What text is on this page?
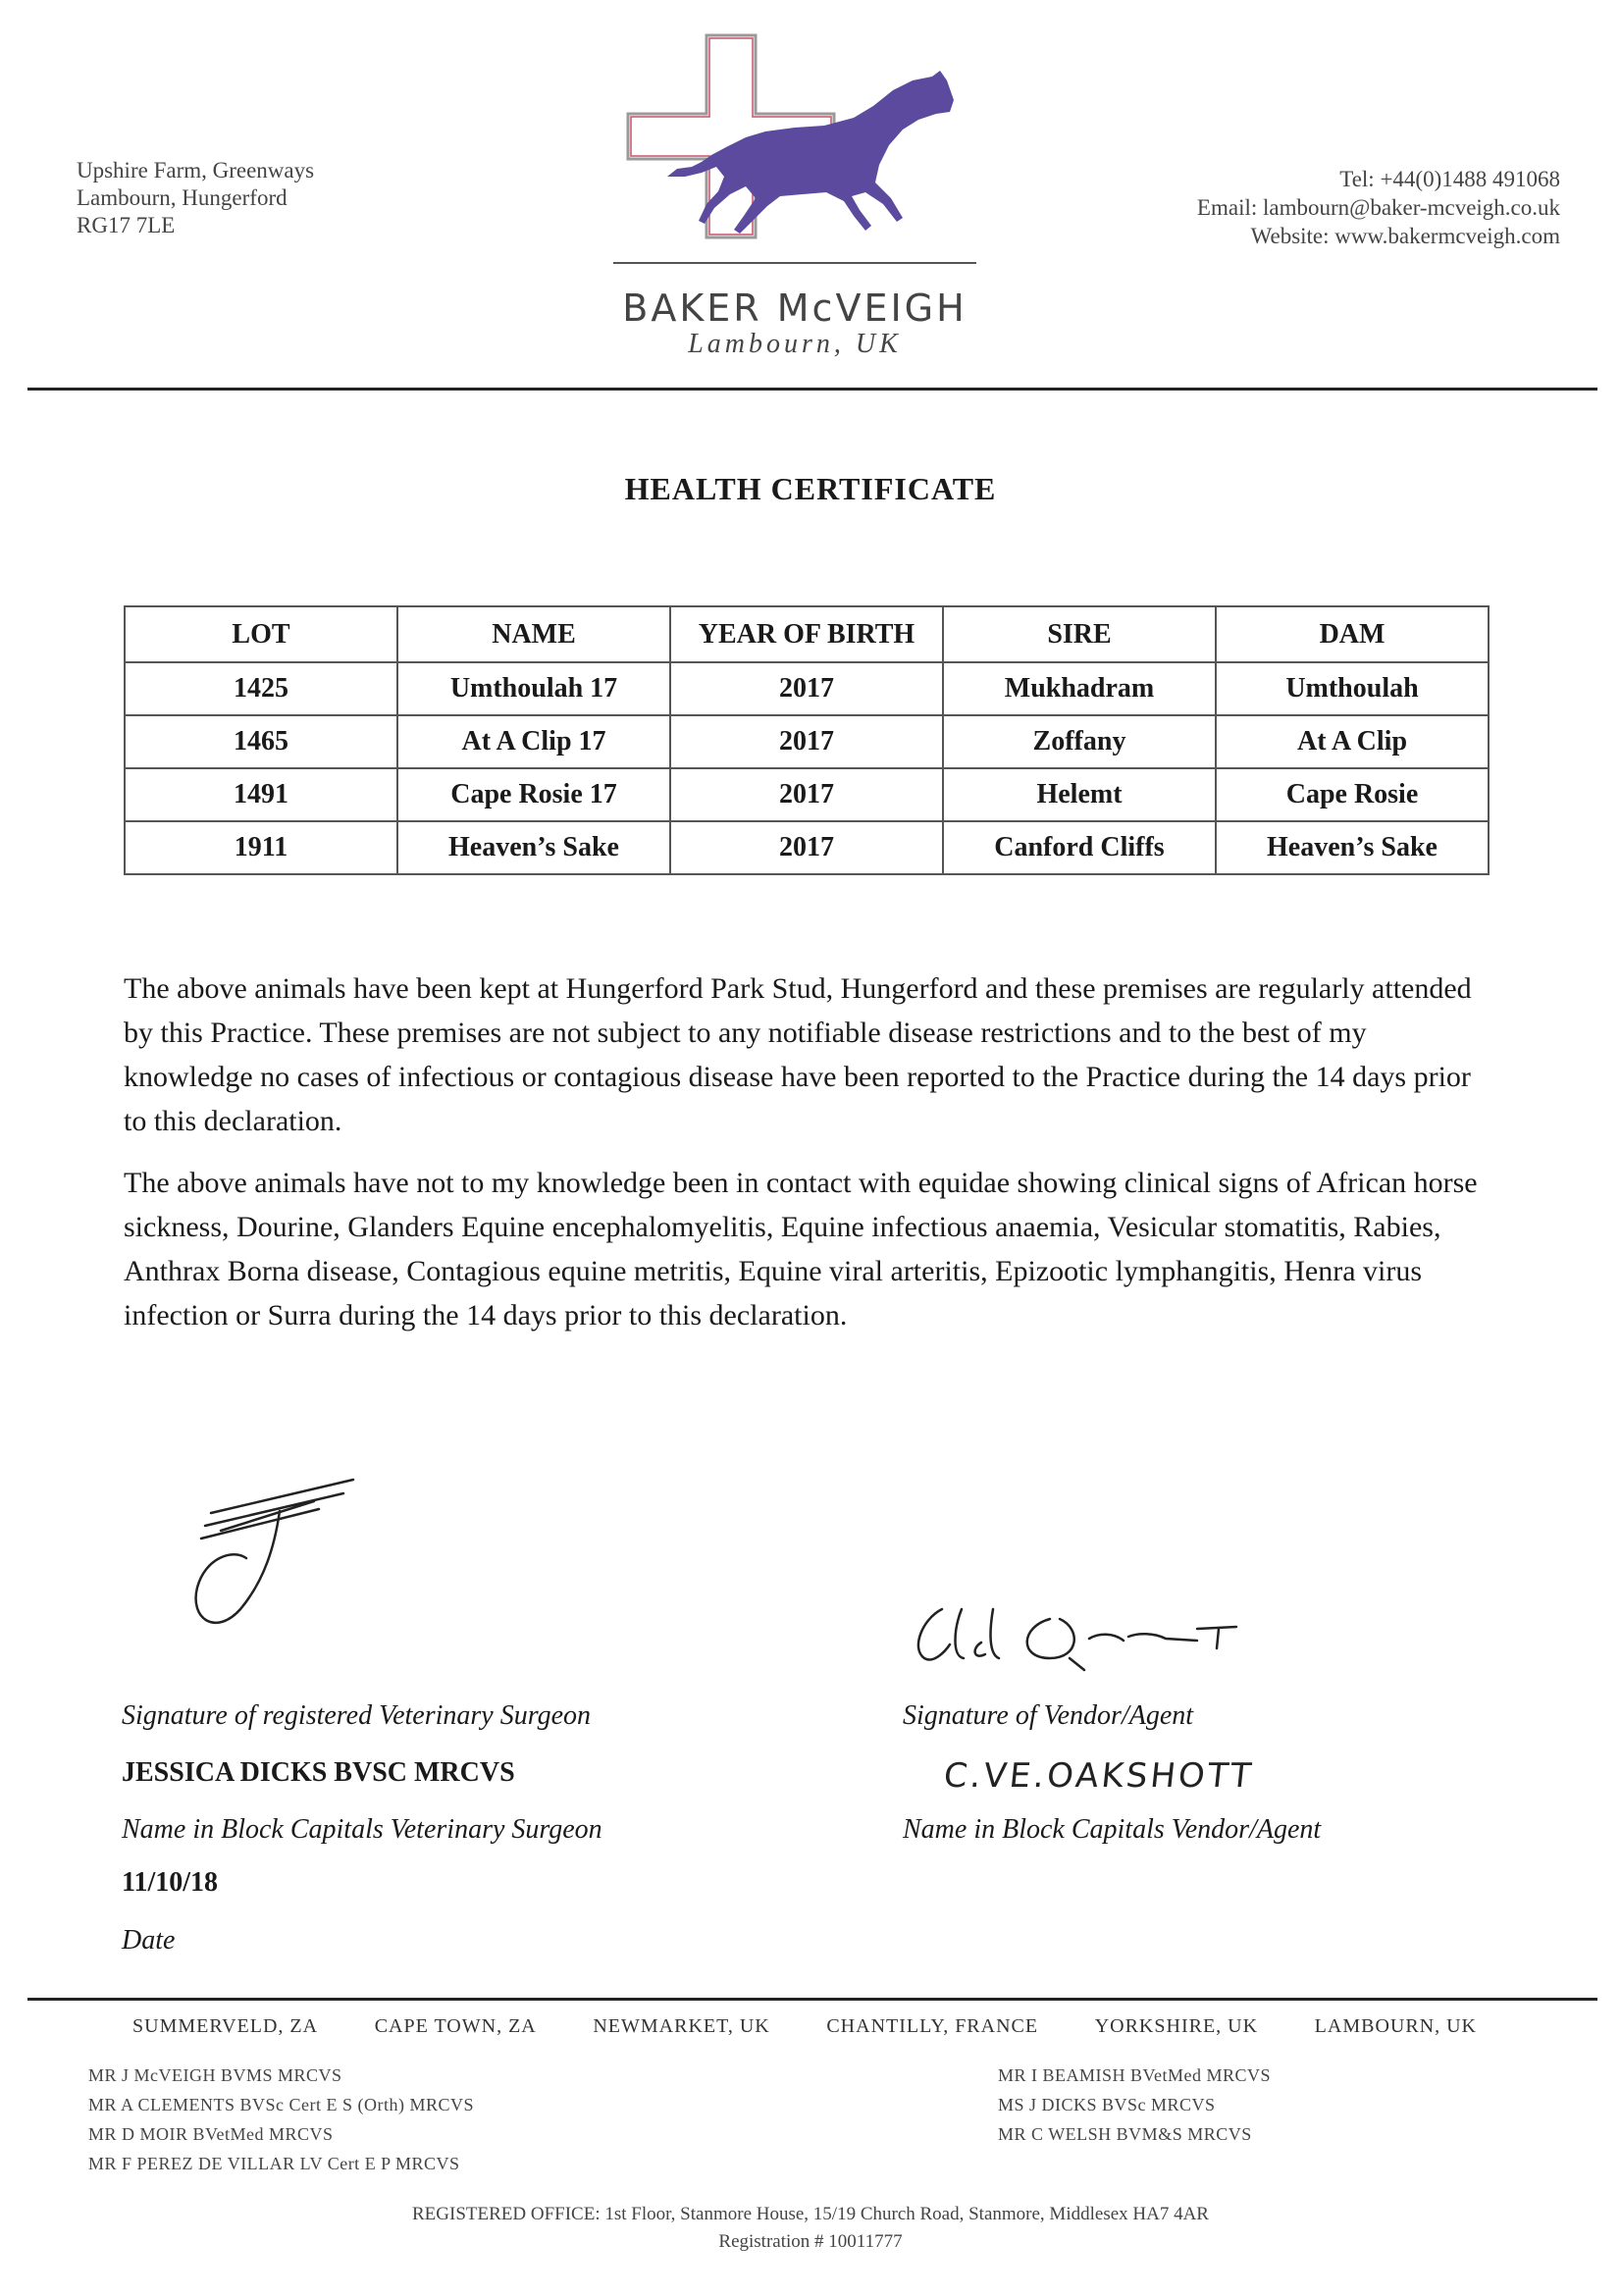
Upshire Farm, Greenways
Lambourn, Hungerford
RG17 7LE
BAKER McVEIGH
Lambourn, UK
Tel: +44(0)1488 491068
Email: lambourn@baker-mcveigh.co.uk
Website: www.bakermcveigh.com
HEALTH CERTIFICATE
LOT	NAME	YEAR OF BIRTH	SIRE	DAM
1425	Umthoulah 17	2017	Mukhadram	Umthoulah
1465	At A Clip 17	2017	Zoffany	At A Clip
1491	Cape Rosie 17	2017	Helemt	Cape Rosie
1911	Heaven’s Sake	2017	Canford Cliffs	Heaven’s Sake
The above animals have been kept at Hungerford Park Stud, Hungerford and these premises are regularly attended by this Practice. These premises are not subject to any notifiable disease restrictions and to the best of my knowledge no cases of infectious or contagious disease have been reported to the Practice during the 14 days prior to this declaration.
The above animals have not to my knowledge been in contact with equidae showing clinical signs of African horse sickness, Dourine, Glanders Equine encephalomyelitis, Equine infectious anaemia, Vesicular stomatitis, Rabies, Anthrax Borna disease, Contagious equine metritis, Equine viral arteritis, Epizootic lymphangitis, Henra virus infection or Surra during the 14 days prior to this declaration.
Signature of registered Veterinary Surgeon
JESSICA DICKS BVSC MRCVS
Name in Block Capitals Veterinary Surgeon
11/10/18
Date
Signature of Vendor/Agent
C.VE.OAKSHOTT
Name in Block Capitals Vendor/Agent
SUMMERVELD, ZA	CAPE TOWN, ZA	NEWMARKET, UK	CHANTILLY, FRANCE	YORKSHIRE, UK	LAMBOURN, UK
MR J McVEIGH BVMS MRCVS
MR A CLEMENTS BVSc Cert E S (Orth) MRCVS
MR D MOIR BVetMed MRCVS
MR F PEREZ DE VILLAR LV Cert E P MRCVS
MR I BEAMISH BVetMed MRCVS
MS J DICKS BVSc MRCVS
MR C WELSH BVM&S MRCVS
REGISTERED OFFICE: 1st Floor, Stanmore House, 15/19 Church Road, Stanmore, Middlesex HA7 4AR
Registration # 10011777
